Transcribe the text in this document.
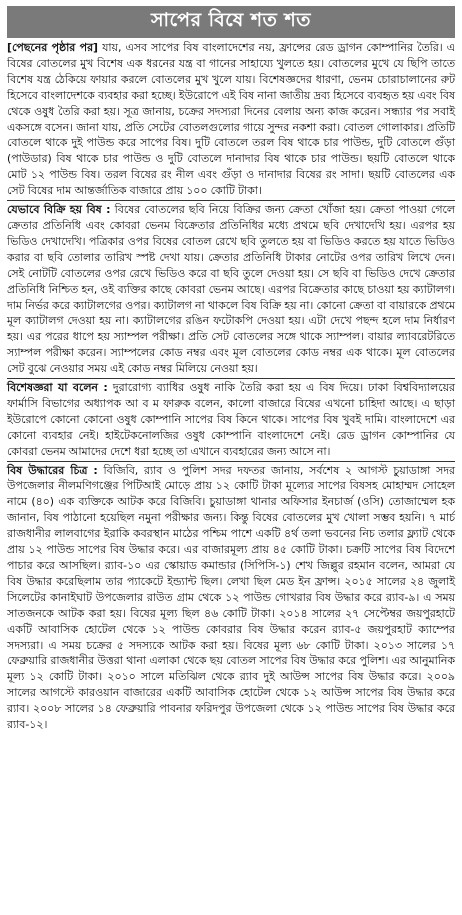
সাপের বিষে শত শত

[পেছনের পৃষ্ঠার পর] যায়, এসব সাপের বিষ বাংলাদেশের নয়, ফ্রান্সের রেড ড্রাগন কোম্পানির তৈরি। এ বিষের বোতলের মুখ বিশেষ এক ধরনের যন্ত্র বা গানের সাহায্যে খুলতে হয়। বোতলের মুখে যে ছিপি তাতে বিশেষ যন্ত্র ঠেকিয়ে ফায়ার করলে বোতলের মুখ খুলে যায়। বিশেষজ্ঞদের ধারণা, ভেনম চোরাচালানের রুট হিসেবে বাংলাদেশকে ব্যবহার করা হচ্ছে। ইউরোপে এই বিষ নানা জাতীয় দ্রব্য হিসেবে ব্যবহৃত হয় এবং বিষ থেকে ওষুধ তৈরি করা হয়। সূত্র জানায়, চক্রের সদস্যরা দিনের বেলায় অন্য কাজ করেন। সন্ধ্যার পর সবাই একসঙ্গে বসেন। জানা যায়, প্রতি সেটের বোতলগুলোর গায়ে সুন্দর নকশা করা। বোতল গোলাকার। প্রতিটি বোতলে থাকে দুই পাউন্ড করে সাপের বিষ। দুটি বোতলে তরল বিষ থাকে চার পাউন্ড, দুটি বোতলে গুঁড়া (পাউডার) বিষ থাকে চার পাউন্ড ও দুটি বোতলে দানাদার বিষ থাকে চার পাউন্ড। ছয়টি বোতলে থাকে মোট ১২ পাউন্ড বিষ। তরল বিষের রং নীল এবং গুঁড়া ও দানাদার বিষের রং সাদা। ছয়টি বোতলের এক সেট বিষের দাম আন্তর্জাতিক বাজারে প্রায় ১০০ কোটি টাকা।

যেভাবে বিক্রি হয় বিষ : বিষের বোতলের ছবি নিয়ে বিক্রির জন্য ক্রেতা খোঁজা হয়। ক্রেতা পাওয়া গেলে ক্রেতার প্রতিনিধি এবং কোবরা ভেনম বিক্রেতার প্রতিনিধির মধ্যে প্রথমে ছবি দেখাদেখি হয়। এরপর হয় ভিডিও দেখাদেখি। পত্রিকার ওপর বিষের বোতল রেখে ছবি তুলতে হয় বা ভিডিও করতে হয় যাতে ভিডিও করার বা ছবি তোলার তারিখ স্পষ্ট দেখা যায়। ক্রেতার প্রতিনিধি টাকার নোটের ওপর তারিখ লিখে দেন। সেই নোটটি বোতলের ওপর রেখে ভিডিও করে বা ছবি তুলে দেওয়া হয়। সে ছবি বা ভিডিও দেখে ক্রেতার প্রতিনিধি নিশ্চিত হন, ওই ব্যক্তির কাছে কোবরা ভেনম আছে। এরপর বিক্রেতার কাছে চাওয়া হয় ক্যাটালগ। দাম নির্ভর করে ক্যাটালগের ওপর। ক্যাটালগ না থাকলে বিষ বিক্রি হয় না। কোনো ক্রেতা বা বায়ারকে প্রথমে মূল ক্যাটালগ দেওয়া হয় না। ক্যাটালগের রঙিন ফটোকপি দেওয়া হয়। এটা দেখে পছন্দ হলে দাম নির্ধারণ হয়। এর পরের ধাপে হয় স্যাম্পল পরীক্ষা। প্রতি সেট বোতলের সঙ্গে থাকে স্যাম্পল। বায়ার ল্যাবরেটরিতে স্যাম্পল পরীক্ষা করেন। স্যাম্পলের কোড নম্বর এবং মূল বোতলের কোড নম্বর এক থাকে। মূল বোতলের সেট বুঝে নেওয়ার সময় এই কোড নম্বর মিলিয়ে নেওয়া হয়।

বিশেষজ্ঞরা যা বলেন : দুরারোগ্য ব্যাধির ওষুধ নাকি তৈরি করা হয় এ বিষ দিয়ে। ঢাকা বিশ্ববিদ্যালয়ের ফার্মাসি বিভাগের অধ্যাপক আ ব ম ফারুক বলেন, কালো বাজারে বিষের এখনো চাহিদা আছে। এ ছাড়া ইউরোপে কোনো কোনো ওষুধ কোম্পানি সাপের বিষ কিনে থাকে। সাপের বিষ খুবই দামি। বাংলাদেশে এর কোনো ব্যবহার নেই। হাইটেকনোলজির ওষুধ কোম্পানি বাংলাদেশে নেই। রেড ড্রাগন কোম্পানির যে কোবরা ভেনম আমাদের দেশে ধরা হচ্ছে তা এখানে ব্যবহারের জন্য আসে না।

বিষ উদ্ধারের চিত্র : বিজিবি, র‌্যাব ও পুলিশ সদর দফতর জানায়, সর্বশেষ ২ আগস্ট চুয়াডাঙ্গা সদর উপজেলার নীলমণিগঞ্জের পিটিআই মোড়ে প্রায় ১২ কোটি টাকা মূল্যের সাপের বিষসহ মোহাম্মদ সোহেল নামে (৪০) এক ব্যক্তিকে আটক করে বিজিবি। চুয়াডাঙ্গা থানার অফিসার ইনচার্জ (ওসি) তোজাম্মেল হক জানান, বিষ পাঠানো হয়েছিল নমুনা পরীক্ষার জন্য। কিন্তু বিষের বোতলের মুখ খোলা সম্ভব হয়নি। ৭ মার্চ রাজধানীর লালবাগের ইরাকি কবরস্থান মাঠের পশ্চিম পাশে একটি ৪র্থ তলা ভবনের নিচ তলার ফ্ল্যাট থেকে প্রায় ১২ পাউন্ড সাপের বিষ উদ্ধার করে। এর বাজারমূল্য প্রায় ৪৫ কোটি টাকা। চক্রটি সাপের বিষ বিদেশে পাচার করে আসছিল। র‌্যাব-১০ এর স্কোয়াড কমান্ডার (সিপিসি-১) শেখ জিল্লুর রহমান বলেন, আমরা যে বিষ উদ্ধার করেছিলাম তার প্যাকেটে ইন্ড্যান্ট ছিল। লেখা ছিল মেড ইন ফ্রান্স। ২০১৫ সালের ২৪ জুলাই সিলেটের কানাইঘাট উপজেলার রাউত গ্রাম থেকে ১২ পাউন্ড গোখরার বিষ উদ্ধার করে র‌্যাব-৯। এ সময় সাতজনকে আটক করা হয়। বিষের মূল্য ছিল ৪৬ কোটি টাকা। ২০১৪ সালের ২৭ সেপ্টেম্বর জয়পুরহাটে একটি আবাসিক হোটেল থেকে ১২ পাউন্ড কোবরার বিষ উদ্ধার করেন র‌্যাব-৫ জয়পুরহাট ক্যাম্পের সদস্যরা। এ সময় চক্রের ৫ সদস্যকে আটক করা হয়। বিষের মূল্য ৬৮ কোটি টাকা। ২০১৩ সালের ১৭ ফেব্রুয়ারি রাজধানীর উত্তরা থানা এলাকা থেকে ছয় বোতল সাপের বিষ উদ্ধার করে পুলিশ। এর আনুমানিক মূল্য ১২ কোটি টাকা। ২০১০ সালে মতিঝিল থেকে র‌্যাব দুই আউন্স সাপের বিষ উদ্ধার করে। ২০০৯ সালের আগস্টে কারওয়ান বাজারের একটি আবাসিক হোটেল থেকে ১২ আউন্স সাপের বিষ উদ্ধার করে র‌্যাব। ২০০৮ সালের ১৪ ফেব্রুয়ারি পাবনার ফরিদপুর উপজেলা থেকে ১২ পাউন্ড সাপের বিষ উদ্ধার করে র‌্যাব-১২।
